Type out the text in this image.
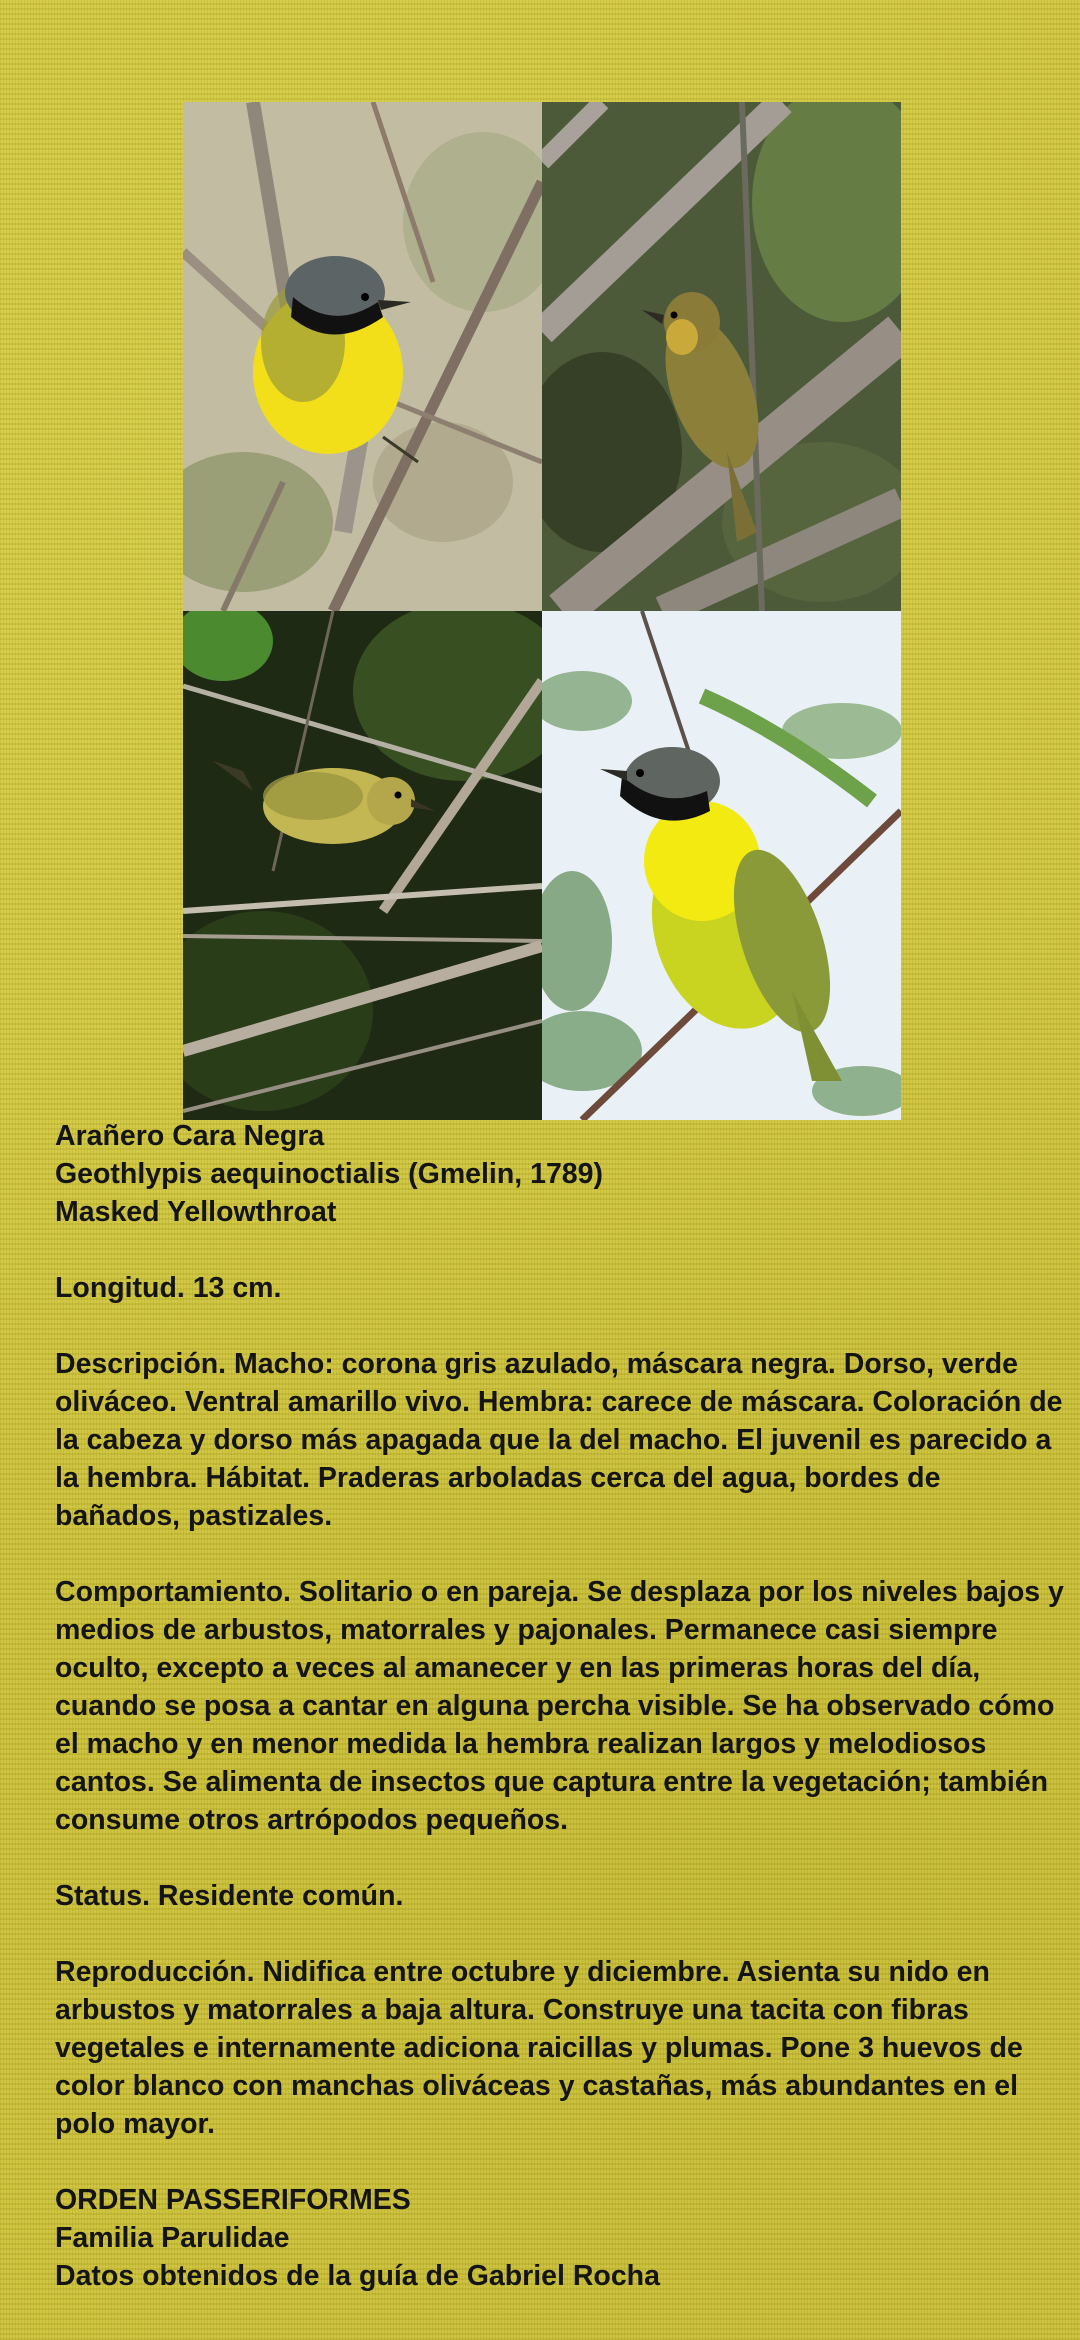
Arañero Cara Negra

Geothlypis aequinoctialis (Gmelin, 1789)

Masked Yellowthroat

Longitud. 13 cm.

Descripción. Macho: corona gris azulado, máscara negra. Dorso, verde oliváceo. Ventral amarillo vivo. Hembra: carece de máscara. Coloración de la cabeza y dorso más apagada que la del macho. El juvenil es parecido a la hembra. Hábitat. Praderas arboladas cerca del agua, bordes de bañados, pastizales.

Comportamiento. Solitario o en pareja. Se desplaza por los niveles bajos y medios de arbustos, matorrales y pajonales. Permanece casi siempre oculto, excepto a veces al amanecer y en las primeras horas del día, cuando se posa a cantar en alguna percha visible. Se ha observado cómo el macho y en menor medida la hembra realizan largos y melodiosos cantos. Se alimenta de insectos que captura entre la vegetación; también consume otros artrópodos pequeños.

Status. Residente común.

Reproducción. Nidifica entre octubre y diciembre. Asienta su nido en arbustos y matorrales a baja altura. Construye una tacita con fibras vegetales e internamente adiciona raicillas y plumas. Pone 3 huevos de color blanco con manchas oliváceas y castañas, más abundantes en el polo mayor.

ORDEN PASSERIFORMES

Familia Parulidae

Datos obtenidos de la guía de Gabriel Rocha
